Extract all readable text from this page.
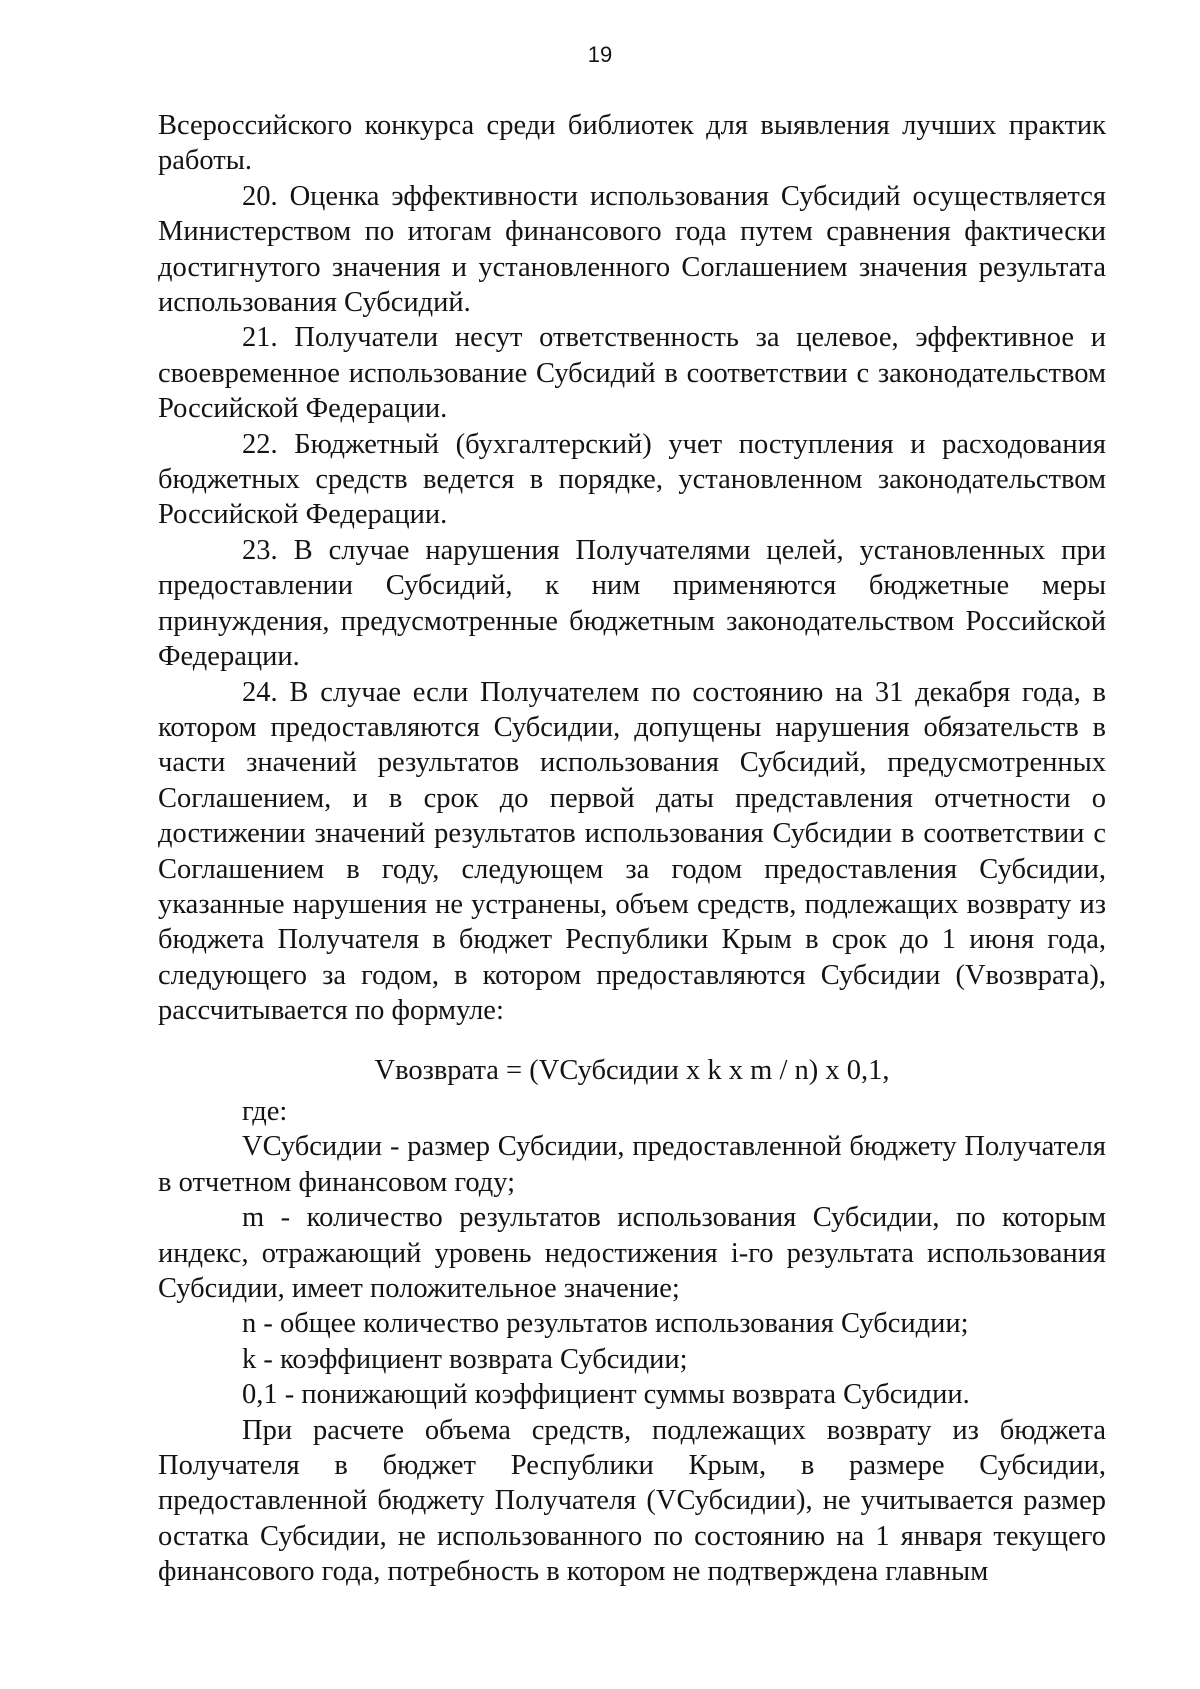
19

Всероссийского конкурса среди библиотек для выявления лучших практик работы.

20. Оценка эффективности использования Субсидий осуществляется Министерством по итогам финансового года путем сравнения фактически достигнутого значения и установленного Соглашением значения результата использования Субсидий.

21. Получатели несут ответственность за целевое, эффективное и своевременное использование Субсидий в соответствии с законодательством Российской Федерации.

22. Бюджетный (бухгалтерский) учет поступления и расходования бюджетных средств ведется в порядке, установленном законодательством Российской Федерации.

23. В случае нарушения Получателями целей, установленных при предоставлении Субсидий, к ним применяются бюджетные меры принуждения, предусмотренные бюджетным законодательством Российской Федерации.

24. В случае если Получателем по состоянию на 31 декабря года, в котором предоставляются Субсидии, допущены нарушения обязательств в части значений результатов использования Субсидий, предусмотренных Соглашением, и в срок до первой даты представления отчетности о достижении значений результатов использования Субсидии в соответствии с Соглашением в году, следующем за годом предоставления Субсидии, указанные нарушения не устранены, объем средств, подлежащих возврату из бюджета Получателя в бюджет Республики Крым в срок до 1 июня года, следующего за годом, в котором предоставляются Субсидии (Vвозврата), рассчитывается по формуле:

Vвозврата = (VСубсидии x k x m / n) x 0,1,

где:

VСубсидии - размер Субсидии, предоставленной бюджету Получателя в отчетном финансовом году;

m - количество результатов использования Субсидии, по которым индекс, отражающий уровень недостижения i-го результата использования Субсидии, имеет положительное значение;

n - общее количество результатов использования Субсидии;

k - коэффициент возврата Субсидии;

0,1 - понижающий коэффициент суммы возврата Субсидии.

При расчете объема средств, подлежащих возврату из бюджета Получателя в бюджет Республики Крым, в размере Субсидии, предоставленной бюджету Получателя (VСубсидии), не учитывается размер остатка Субсидии, не использованного по состоянию на 1 января текущего финансового года, потребность в котором не подтверждена главным
